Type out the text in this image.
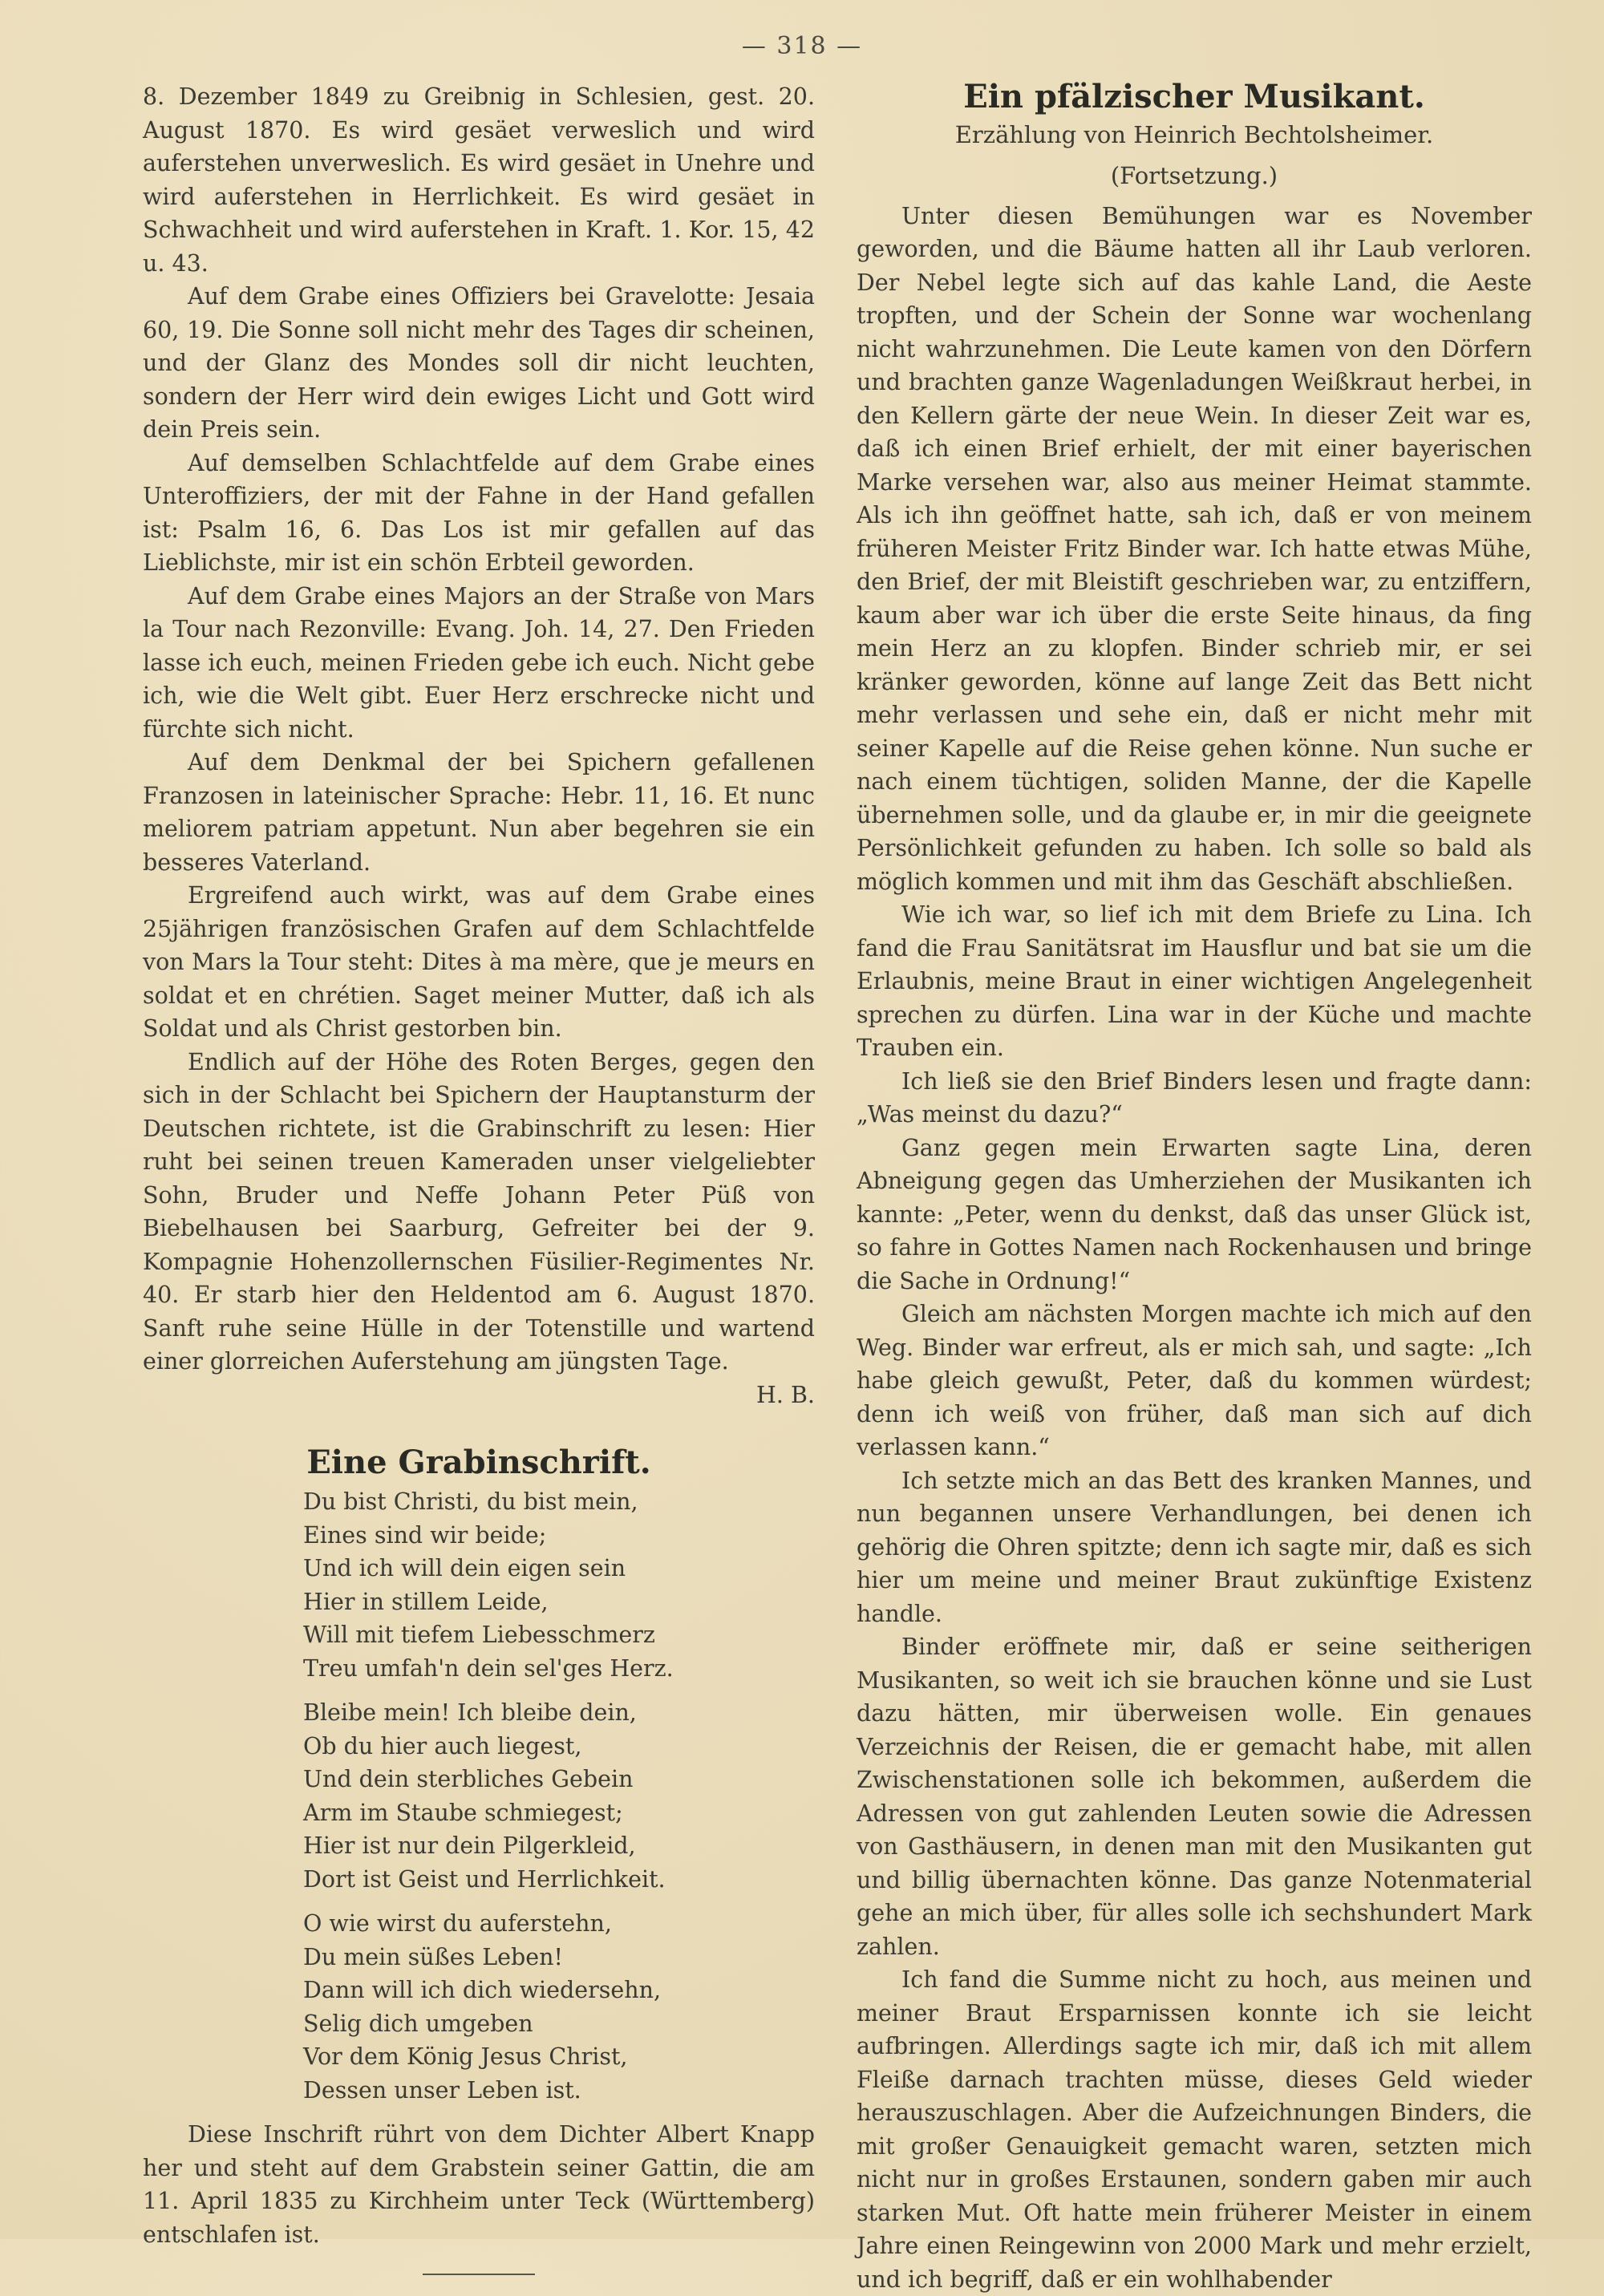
— 318 —

8. Dezember 1849 zu Greibnig in Schlesien, gest. 20. August 1870. Es wird gesäet verweslich und wird auferstehen unverweslich. Es wird gesäet in Unehre und wird auferstehen in Herrlichkeit. Es wird gesäet in Schwachheit und wird auferstehen in Kraft. 1. Kor. 15, 42 u. 43.

Auf dem Grabe eines Offiziers bei Gravelotte: Jesaia 60, 19. Die Sonne soll nicht mehr des Tages dir scheinen, und der Glanz des Mondes soll dir nicht leuchten, sondern der Herr wird dein ewiges Licht und Gott wird dein Preis sein.

Auf demselben Schlachtfelde auf dem Grabe eines Unteroffiziers, der mit der Fahne in der Hand gefallen ist: Psalm 16, 6. Das Los ist mir gefallen auf das Lieblichste, mir ist ein schön Erbteil geworden.

Auf dem Grabe eines Majors an der Straße von Mars la Tour nach Rezonville: Evang. Joh. 14, 27. Den Frieden lasse ich euch, meinen Frieden gebe ich euch. Nicht gebe ich, wie die Welt gibt. Euer Herz erschrecke nicht und fürchte sich nicht.

Auf dem Denkmal der bei Spichern gefallenen Franzosen in lateinischer Sprache: Hebr. 11, 16. Et nunc meliorem patriam appetunt. Nun aber begehren sie ein besseres Vaterland.

Ergreifend auch wirkt, was auf dem Grabe eines 25jährigen französischen Grafen auf dem Schlachtfelde von Mars la Tour steht: Dites à ma mère, que je meurs en soldat et en chrétien. Saget meiner Mutter, daß ich als Soldat und als Christ gestorben bin.

Endlich auf der Höhe des Roten Berges, gegen den sich in der Schlacht bei Spichern der Hauptansturm der Deutschen richtete, ist die Grabinschrift zu lesen: Hier ruht bei seinen treuen Kameraden unser vielgeliebter Sohn, Bruder und Neffe Johann Peter Püß von Biebelhausen bei Saarburg, Gefreiter bei der 9. Kompagnie Hohenzollernschen Füsilier-Regimentes Nr. 40. Er starb hier den Heldentod am 6. August 1870. Sanft ruhe seine Hülle in der Totenstille und wartend einer glorreichen Auferstehung am jüngsten Tage.
H. B.

Eine Grabinschrift.
Du bist Christi, du bist mein,
Eines sind wir beide;
Und ich will dein eigen sein
Hier in stillem Leide,
Will mit tiefem Liebesschmerz
Treu umfah'n dein sel'ges Herz.
Bleibe mein! Ich bleibe dein,
Ob du hier auch liegest,
Und dein sterbliches Gebein
Arm im Staube schmiegest;
Hier ist nur dein Pilgerkleid,
Dort ist Geist und Herrlichkeit.
O wie wirst du auferstehn,
Du mein süßes Leben!
Dann will ich dich wiedersehn,
Selig dich umgeben
Vor dem König Jesus Christ,
Dessen unser Leben ist.

Diese Inschrift rührt von dem Dichter Albert Knapp her und steht auf dem Grabstein seiner Gattin, die am 11. April 1835 zu Kirchheim unter Teck (Württemberg) entschlafen ist.

Ein pfälzischer Musikant.
Erzählung von Heinrich Bechtolsheimer.
(Fortsetzung.)

Unter diesen Bemühungen war es November geworden, und die Bäume hatten all ihr Laub verloren. Der Nebel legte sich auf das kahle Land, die Aeste tropften, und der Schein der Sonne war wochenlang nicht wahrzunehmen. Die Leute kamen von den Dörfern und brachten ganze Wagenladungen Weißkraut herbei, in den Kellern gärte der neue Wein. In dieser Zeit war es, daß ich einen Brief erhielt, der mit einer bayerischen Marke versehen war, also aus meiner Heimat stammte. Als ich ihn geöffnet hatte, sah ich, daß er von meinem früheren Meister Fritz Binder war. Ich hatte etwas Mühe, den Brief, der mit Bleistift geschrieben war, zu entziffern, kaum aber war ich über die erste Seite hinaus, da fing mein Herz an zu klopfen. Binder schrieb mir, er sei kränker geworden, könne auf lange Zeit das Bett nicht mehr verlassen und sehe ein, daß er nicht mehr mit seiner Kapelle auf die Reise gehen könne. Nun suche er nach einem tüchtigen, soliden Manne, der die Kapelle übernehmen solle, und da glaube er, in mir die geeignete Persönlichkeit gefunden zu haben. Ich solle so bald als möglich kommen und mit ihm das Geschäft abschließen.

Wie ich war, so lief ich mit dem Briefe zu Lina. Ich fand die Frau Sanitätsrat im Hausflur und bat sie um die Erlaubnis, meine Braut in einer wichtigen Angelegenheit sprechen zu dürfen. Lina war in der Küche und machte Trauben ein.

Ich ließ sie den Brief Binders lesen und fragte dann: „Was meinst du dazu?“

Ganz gegen mein Erwarten sagte Lina, deren Abneigung gegen das Umherziehen der Musikanten ich kannte: „Peter, wenn du denkst, daß das unser Glück ist, so fahre in Gottes Namen nach Rockenhausen und bringe die Sache in Ordnung!“

Gleich am nächsten Morgen machte ich mich auf den Weg. Binder war erfreut, als er mich sah, und sagte: „Ich habe gleich gewußt, Peter, daß du kommen würdest; denn ich weiß von früher, daß man sich auf dich verlassen kann.“

Ich setzte mich an das Bett des kranken Mannes, und nun begannen unsere Verhandlungen, bei denen ich gehörig die Ohren spitzte; denn ich sagte mir, daß es sich hier um meine und meiner Braut zukünftige Existenz handle.

Binder eröffnete mir, daß er seine seitherigen Musikanten, so weit ich sie brauchen könne und sie Lust dazu hätten, mir überweisen wolle. Ein genaues Verzeichnis der Reisen, die er gemacht habe, mit allen Zwischenstationen solle ich bekommen, außerdem die Adressen von gut zahlenden Leuten sowie die Adressen von Gasthäusern, in denen man mit den Musikanten gut und billig übernachten könne. Das ganze Notenmaterial gehe an mich über, für alles solle ich sechshundert Mark zahlen.

Ich fand die Summe nicht zu hoch, aus meinen und meiner Braut Ersparnissen konnte ich sie leicht aufbringen. Allerdings sagte ich mir, daß ich mit allem Fleiße darnach trachten müsse, dieses Geld wieder herauszuschlagen. Aber die Aufzeichnungen Binders, die mit großer Genauigkeit gemacht waren, setzten mich nicht nur in großes Erstaunen, sondern gaben mir auch starken Mut. Oft hatte mein früherer Meister in einem Jahre einen Reingewinn von 2000 Mark und mehr erzielt, und ich begriff, daß er ein wohlhabender
